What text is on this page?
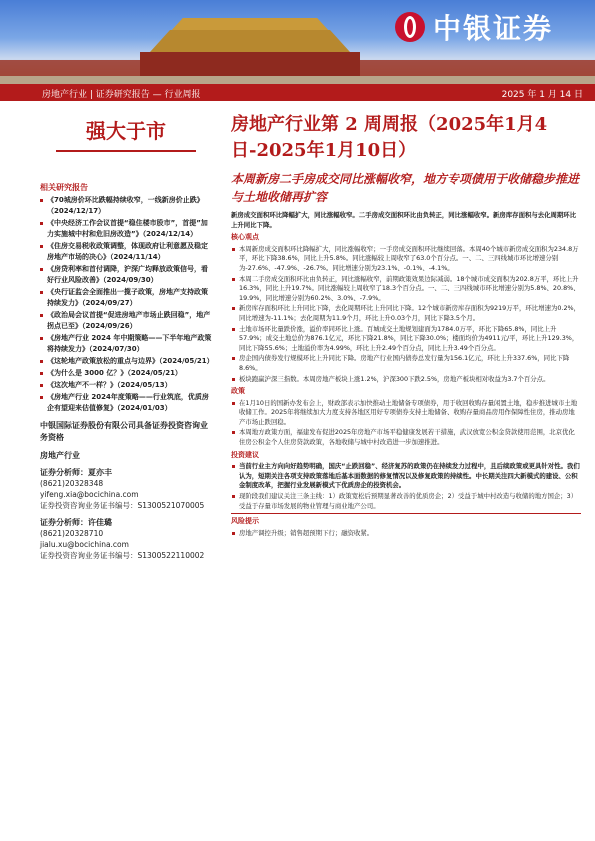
中银证券
房地产行业 | 证券研究报告 — 行业周报	2025 年 1 月 14 日
强大于市	房地产行业第 2 周周报（2025年1月4日-2025年1月10日）
本周新房二手房成交同比涨幅收窄，地方专项债用于收储稳步推进与土地收储再扩容
相关研究报告
《70城房价环比跌幅持续收窄，一线新房价止跌》（2024/12/17）
《中央经济工作会议首提“稳住楼市股市”，首提”加力实施城中村和危旧房改造”》（2024/12/14）
《住房交易税收政策调整，体现政府让利意愿及稳定房地产市场的决心》（2024/11/14）
《房贷利率和首付调降，沪深广均释放政策信号，看好行业风险改善》（2024/09/30）
《央行证监会全面推出一揽子政策，房地产支持政策持续发力》（2024/09/27）
《政治局会议首提“促进房地产市场止跌回稳”，地产拐点已至》（2024/09/26）
《房地产行业 2024 年中期策略——下半年地产政策将持续发力》（2024/07/30）
《这轮地产政策放松的重点与边界》（2024/05/21）
《为什么是 3000 亿？》（2024/05/21）
《这次地产不一样？》（2024/05/13）
《房地产行业 2024年度策略——行业筑底，优质房企有望迎来估值修复》（2024/01/03）
中银国际证券股份有限公司具备证券投资咨询业务资格
房地产行业
证券分析师：夏亦丰
(8621)20328348
yifeng.xia@bocichina.com
证券投资咨询业务证书编号：S1300521070005
证券分析师：许佳璐
(8621)20328710
jialu.xu@bocichina.com
证券投资咨询业务证书编号：S1300522110002

新房成交面积环比降幅扩大，同比涨幅收窄。二手房成交面积环比由负转正，同比涨幅收窄。新房库存面积与去化周期环比上升同比下降。

核心观点
本周新房成交面积环比降幅扩大，同比涨幅收窄；一手房成交面积环比继续回落。本周40个城市新房成交面积为234.8万平，环比下降38.6%，同比上升5.8%。同比涨幅较上周收窄了63.0个百分点。一、二、三四线城市环比增速分别为-27.6%、-47.9%、-26.7%。同比增速分别为23.1%、-0.1%、-4.1%。
本周二手房成交面积环比由负转正，同比涨幅收窄，前期政策效果边际减弱。18个城市成交面积为202.8万平，环比上升16.3%，同比上升19.7%。同比涨幅较上周收窄了18.3个百分点。一、二、三四线城市环比增速分别为5.8%、20.8%、19.9%，同比增速分别为60.2%、3.0%、-7.9%。
新房库存面积环比上升同比下降，去化周期环比上升同比下降。12个城市新房库存面积为9219万平，环比增速为0.2%，同比增速为-11.1%；去化周期为11.9个月，环比上升0.03个月，同比下降3.5个月。
土地市场环比量跌价涨，溢价率同环比上涨。百城成交土地规划建面为1784.0万平，环比下降65.8%，同比上升57.9%；成交土地总价为876.1亿元，环比下降21.8%，同比下降30.0%；楼面均价为4911元/平，环比上升129.3%，同比下降55.6%；土地溢价率为4.99%，环比上升2.49个百分点，同比上升3.49个百分点。
房企国内债券发行规模环比上升同比下降。房地产行业国内债券总发行量为156.1亿元，环比上升337.6%，同比下降8.6%。
板块跑赢沪深三指数。本周房地产板块上涨1.2%，沪深300下跌2.5%，房地产板块相对收益为3.7个百分点。
政策
在1月10日的国新办发布会上，财政部表示加快推动土地储备专项债券，用于收回收购存量闲置土地，稳步推进城市土地收储工作。2025年将继续加大力度支持各地区用好专项债券支持土地储备、收购存量商品房用作保障性住房，推动房地产市场止跌回稳。
本周地方政策方面，福建发布促进2025年房地产市场平稳健康发展若干措施，武汉放宽公积金贷款使用范围，北京优化住房公积金个人住房贷款政策，各地收储与城中村改造进一步加速推进。
投资建议
当前行业主方向向好趋势明确，国庆“止跌回稳”、经济复苏的政策仍在持续发力过程中，且后续政策或更具针对性。我们认为，短期关注各项支持政策落地后基本面数据的修复情况以及修复政策的持续性。中长期关注四大新模式的建设、公积金制度改革，把握行业发展新模式下优质房企的投资机会。
现阶段我们建议关注三条主线：1）政策宽松后预期显著改善的优质房企；2）受益于城中村改造与收储的地方国企；3）受益于存量市场发展的物业管理与商业地产公司。
风险提示
房地产调控升级；销售超预期下行；融资收紧。
